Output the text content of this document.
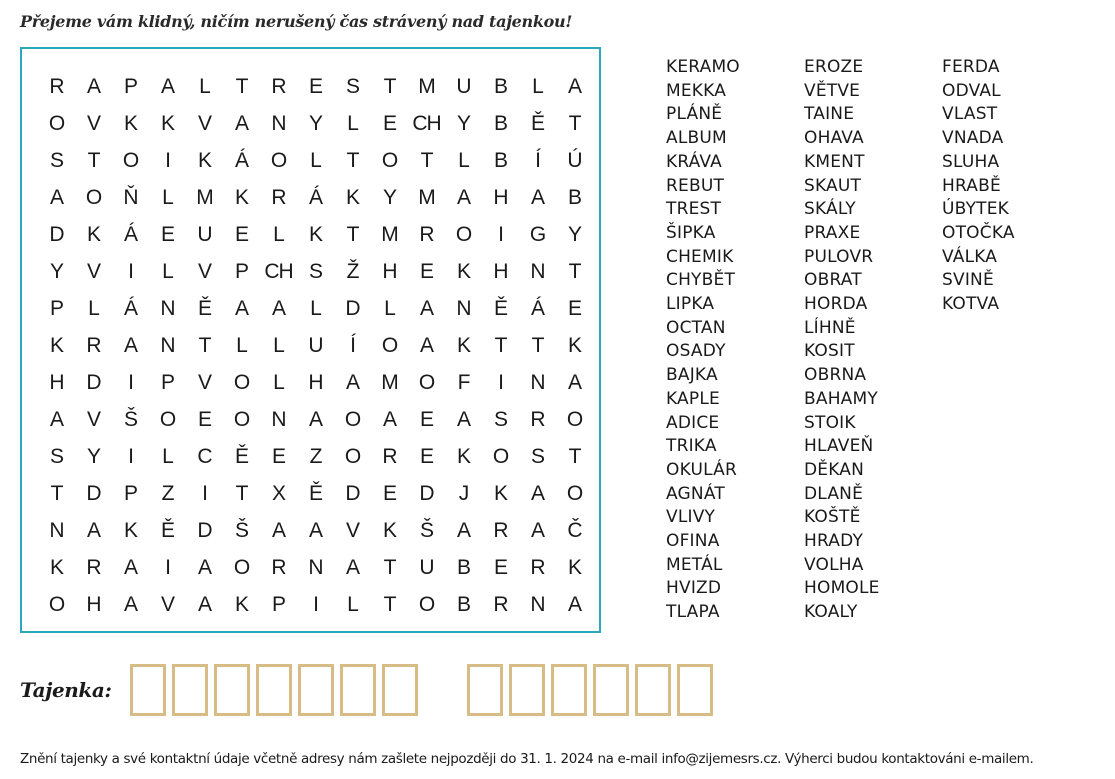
Přejeme vám klidný, ničím nerušený čas strávený nad tajenkou!
R	A	P	A	L	T	R	E	S	T	M	U	B	L	A
O	V	K	K	V	A	N	Y	L	E CH Y	B	Ě	T
S	T	O	I	K	Á	O	L	T	O	T	L	B	Í	Ú
A	O	Ň	L	M	K	R	Á	K	Y	M	A	H	A	B
D	K	Á	E	U	E	L	K	T	M	R	O	I	G	Y
Y	V	I	L	V	P CH S	Ž	H	E	K	H	N	T
P	L	Á	N	Ě	A	A	L	D	L	A	N	Ě	Á	E
K	R	A	N	T	L	L	U	Í	O	A	K	T	T	K
H	D	I	P	V	O	L	H	A	M	O	F	I	N	A
A	V	Š	O	E	O	N	A	O	A	E	A	S	R	O
S	Y	I	L	C	Ě	E	Z	O	R	E	K	O	S	T
T	D	P	Z	I	T	X	Ě	D	E	D	J	K	A	O
N	A	K	Ě	D	Š	A	A	V	K	Š	A	R	A	Č
K	R	A	I	A	O	R	N	A	T	U	B	E	R	K
O	H	A	V	A	K	P	I	L	T	O	B	R	N	A
KERAMO
MEKKA
PLÁNĚ
ALBUM
KRÁVA
REBUT
TREST
ŠIPKA
CHEMIK
CHYBĚT
LIPKA
OCTAN
OSADY
BAJKA
KAPLE
ADICE
TRIKA
OKULÁR
AGNÁT
VLIVY
OFINA
METÁL
HVIZD
TLAPA
EROZE
VĚTVE
TAINE
OHAVA
KMENT
SKAUT
SKÁLY
PRAXE
PULOVR
OBRAT
HORDA
LÍHNĚ
KOSIT
OBRNA
BAHAMY
STOIK
HLAVEŇ
DĚKAN
DLANĚ
KOŠTĚ
HRADY
VOLHA
HOMOLE
KOALY
FERDA
ODVAL
VLAST
VNADA
SLUHA
HRABĚ
ÚBYTEK
OTOČKA
VÁLKA
SVINĚ
KOTVA
Tajenka:
Znění tajenky a své kontaktní údaje včetně adresy nám zašlete nejpozději do 31. 1. 2024 na e-mail info@zijemesrs.cz. Výherci budou kontaktováni e-mailem.
